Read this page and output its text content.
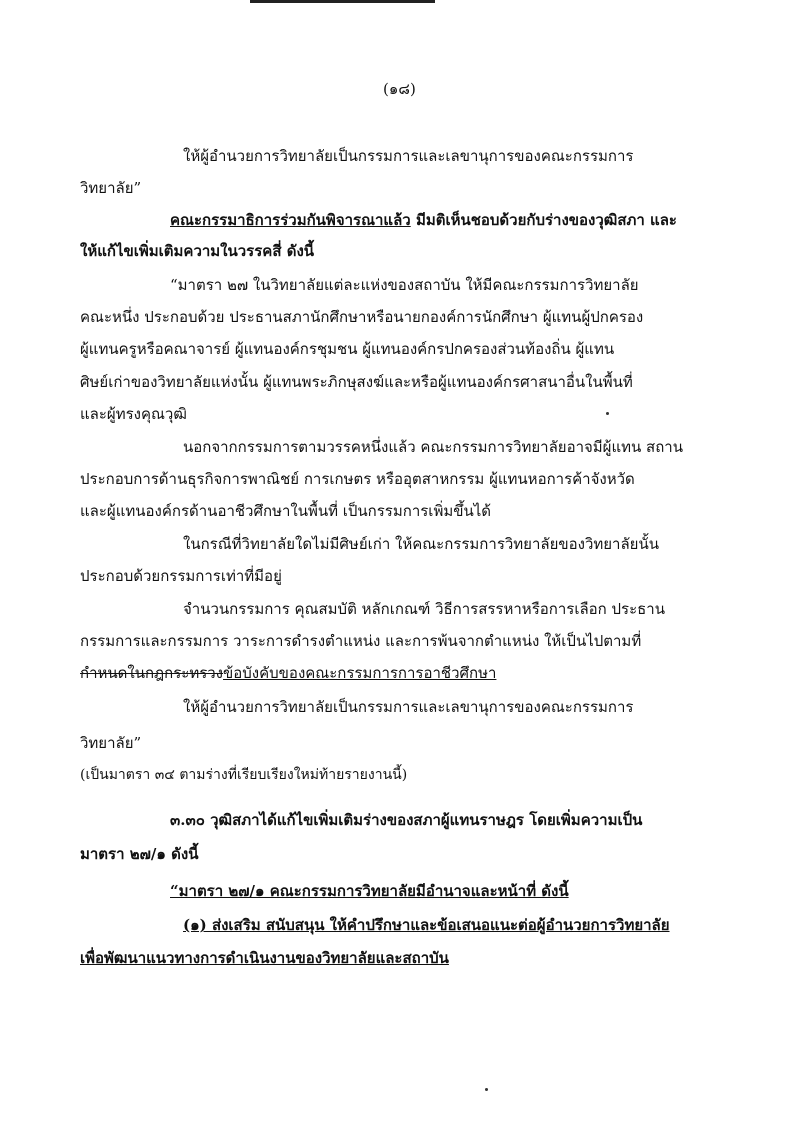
(๑๘)
ให้ผู้อำนวยการวิทยาลัยเป็นกรรมการและเลขานุการของคณะกรรมการ
วิทยาลัย”
คณะกรรมาธิการร่วมกันพิจารณาแล้ว มีมติเห็นชอบด้วยกับร่างของวุฒิสภา และ
ให้แก้ไขเพิ่มเติมความในวรรคสี่ ดังนี้
“มาตรา ๒๗ ในวิทยาลัยแต่ละแห่งของสถาบัน ให้มีคณะกรรมการวิทยาลัย
คณะหนึ่ง ประกอบด้วย ประธานสภานักศึกษาหรือนายกองค์การนักศึกษา ผู้แทนผู้ปกครอง
ผู้แทนครูหรือคณาจารย์ ผู้แทนองค์กรชุมชน ผู้แทนองค์กรปกครองส่วนท้องถิ่น ผู้แทน
ศิษย์เก่าของวิทยาลัยแห่งนั้น ผู้แทนพระภิกษุสงฆ์และหรือผู้แทนองค์กรศาสนาอื่นในพื้นที่
และผู้ทรงคุณวุฒิ
นอกจากกรรมการตามวรรคหนึ่งแล้ว คณะกรรมการวิทยาลัยอาจมีผู้แทน สถาน
ประกอบการด้านธุรกิจการพาณิชย์ การเกษตร หรืออุตสาหกรรม ผู้แทนหอการค้าจังหวัด
และผู้แทนองค์กรด้านอาชีวศึกษาในพื้นที่ เป็นกรรมการเพิ่มขึ้นได้
ในกรณีที่วิทยาลัยใดไม่มีศิษย์เก่า ให้คณะกรรมการวิทยาลัยของวิทยาลัยนั้น
ประกอบด้วยกรรมการเท่าที่มีอยู่
จำนวนกรรมการ คุณสมบัติ หลักเกณฑ์ วิธีการสรรหาหรือการเลือก ประธาน
กรรมการและกรรมการ วาระการดำรงตำแหน่ง และการพ้นจากตำแหน่ง ให้เป็นไปตามที่
กำหนดในกฎกระทรวงข้อบังคับของคณะกรรมการการอาชีวศึกษา
ให้ผู้อำนวยการวิทยาลัยเป็นกรรมการและเลขานุการของคณะกรรมการ
วิทยาลัย”
(เป็นมาตรา ๓๔ ตามร่างที่เรียบเรียงใหม่ท้ายรายงานนี้)
๓.๓๐ วุฒิสภาได้แก้ไขเพิ่มเติมร่างของสภาผู้แทนราษฎร โดยเพิ่มความเป็น
มาตรา ๒๗/๑ ดังนี้
“มาตรา ๒๗/๑ คณะกรรมการวิทยาลัยมีอำนาจและหน้าที่ ดังนี้
(๑) ส่งเสริม สนับสนุน ให้คำปรึกษาและข้อเสนอแนะต่อผู้อำนวยการวิทยาลัย
เพื่อพัฒนาแนวทางการดำเนินงานของวิทยาลัยและสถาบัน
